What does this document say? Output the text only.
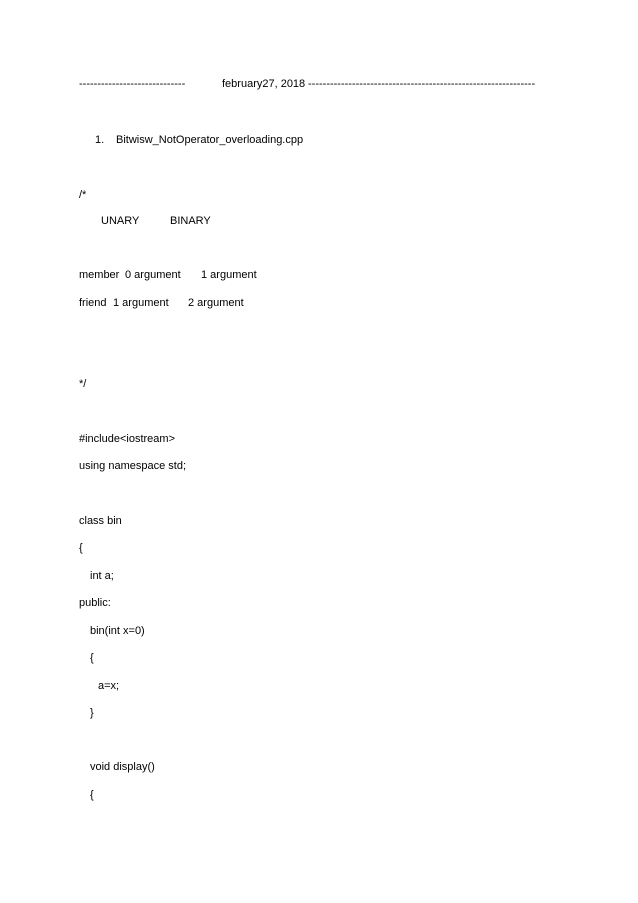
-----------------------------	february27, 2018 --------------------------------------------------------------
1. Bitwisw_NotOperator_overloading.cpp
/*
UNARY	BINARY
member 0 argument 1 argument
friend 1 argument 2 argument
*/
#include<iostream>
using namespace std;
class bin
{
int a;
public:
bin(int x=0)
{
a=x;
}
void display()
{
